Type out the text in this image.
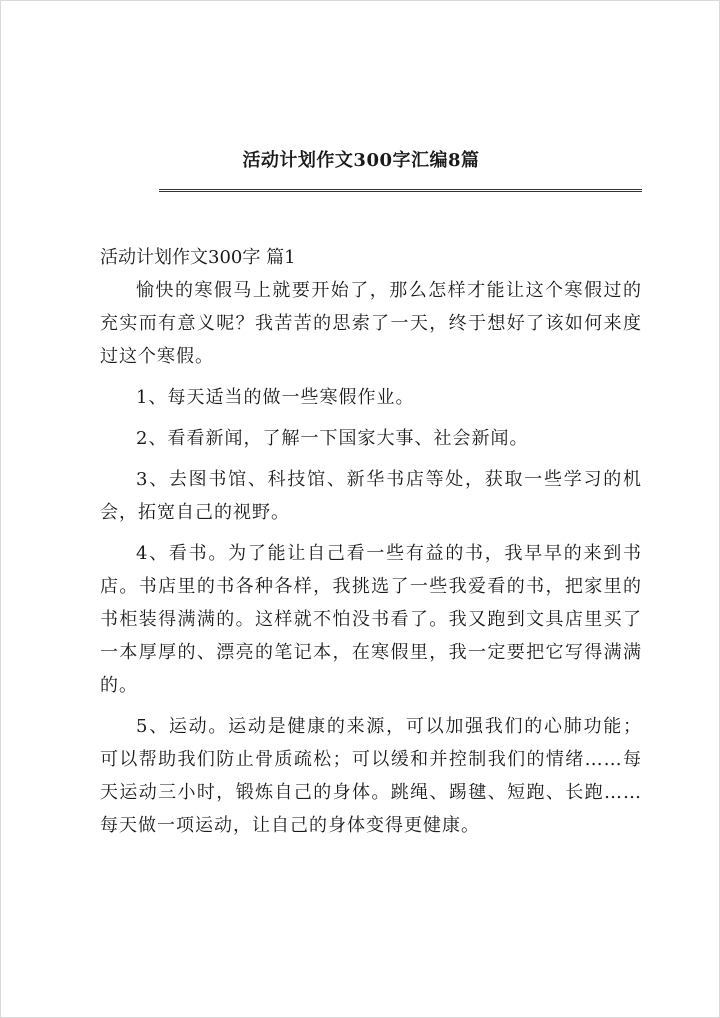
活动计划作文300字汇编8篇
活动计划作文300字 篇1

愉快的寒假马上就要开始了，那么怎样才能让这个寒假过的充实而有意义呢？我苦苦的思索了一天，终于想好了该如何来度过这个寒假。

1、每天适当的做一些寒假作业。

2、看看新闻，了解一下国家大事、社会新闻。

3、去图书馆、科技馆、新华书店等处，获取一些学习的机会，拓宽自己的视野。

4、看书。为了能让自己看一些有益的书，我早早的来到书店。书店里的书各种各样，我挑选了一些我爱看的书，把家里的书柜装得满满的。这样就不怕没书看了。我又跑到文具店里买了一本厚厚的、漂亮的笔记本，在寒假里，我一定要把它写得满满的。

5、运动。运动是健康的来源，可以加强我们的心肺功能；可以帮助我们防止骨质疏松；可以缓和并控制我们的情绪……每天运动三小时，锻炼自己的身体。跳绳、踢毽、短跑、长跑……每天做一项运动，让自己的身体变得更健康。
